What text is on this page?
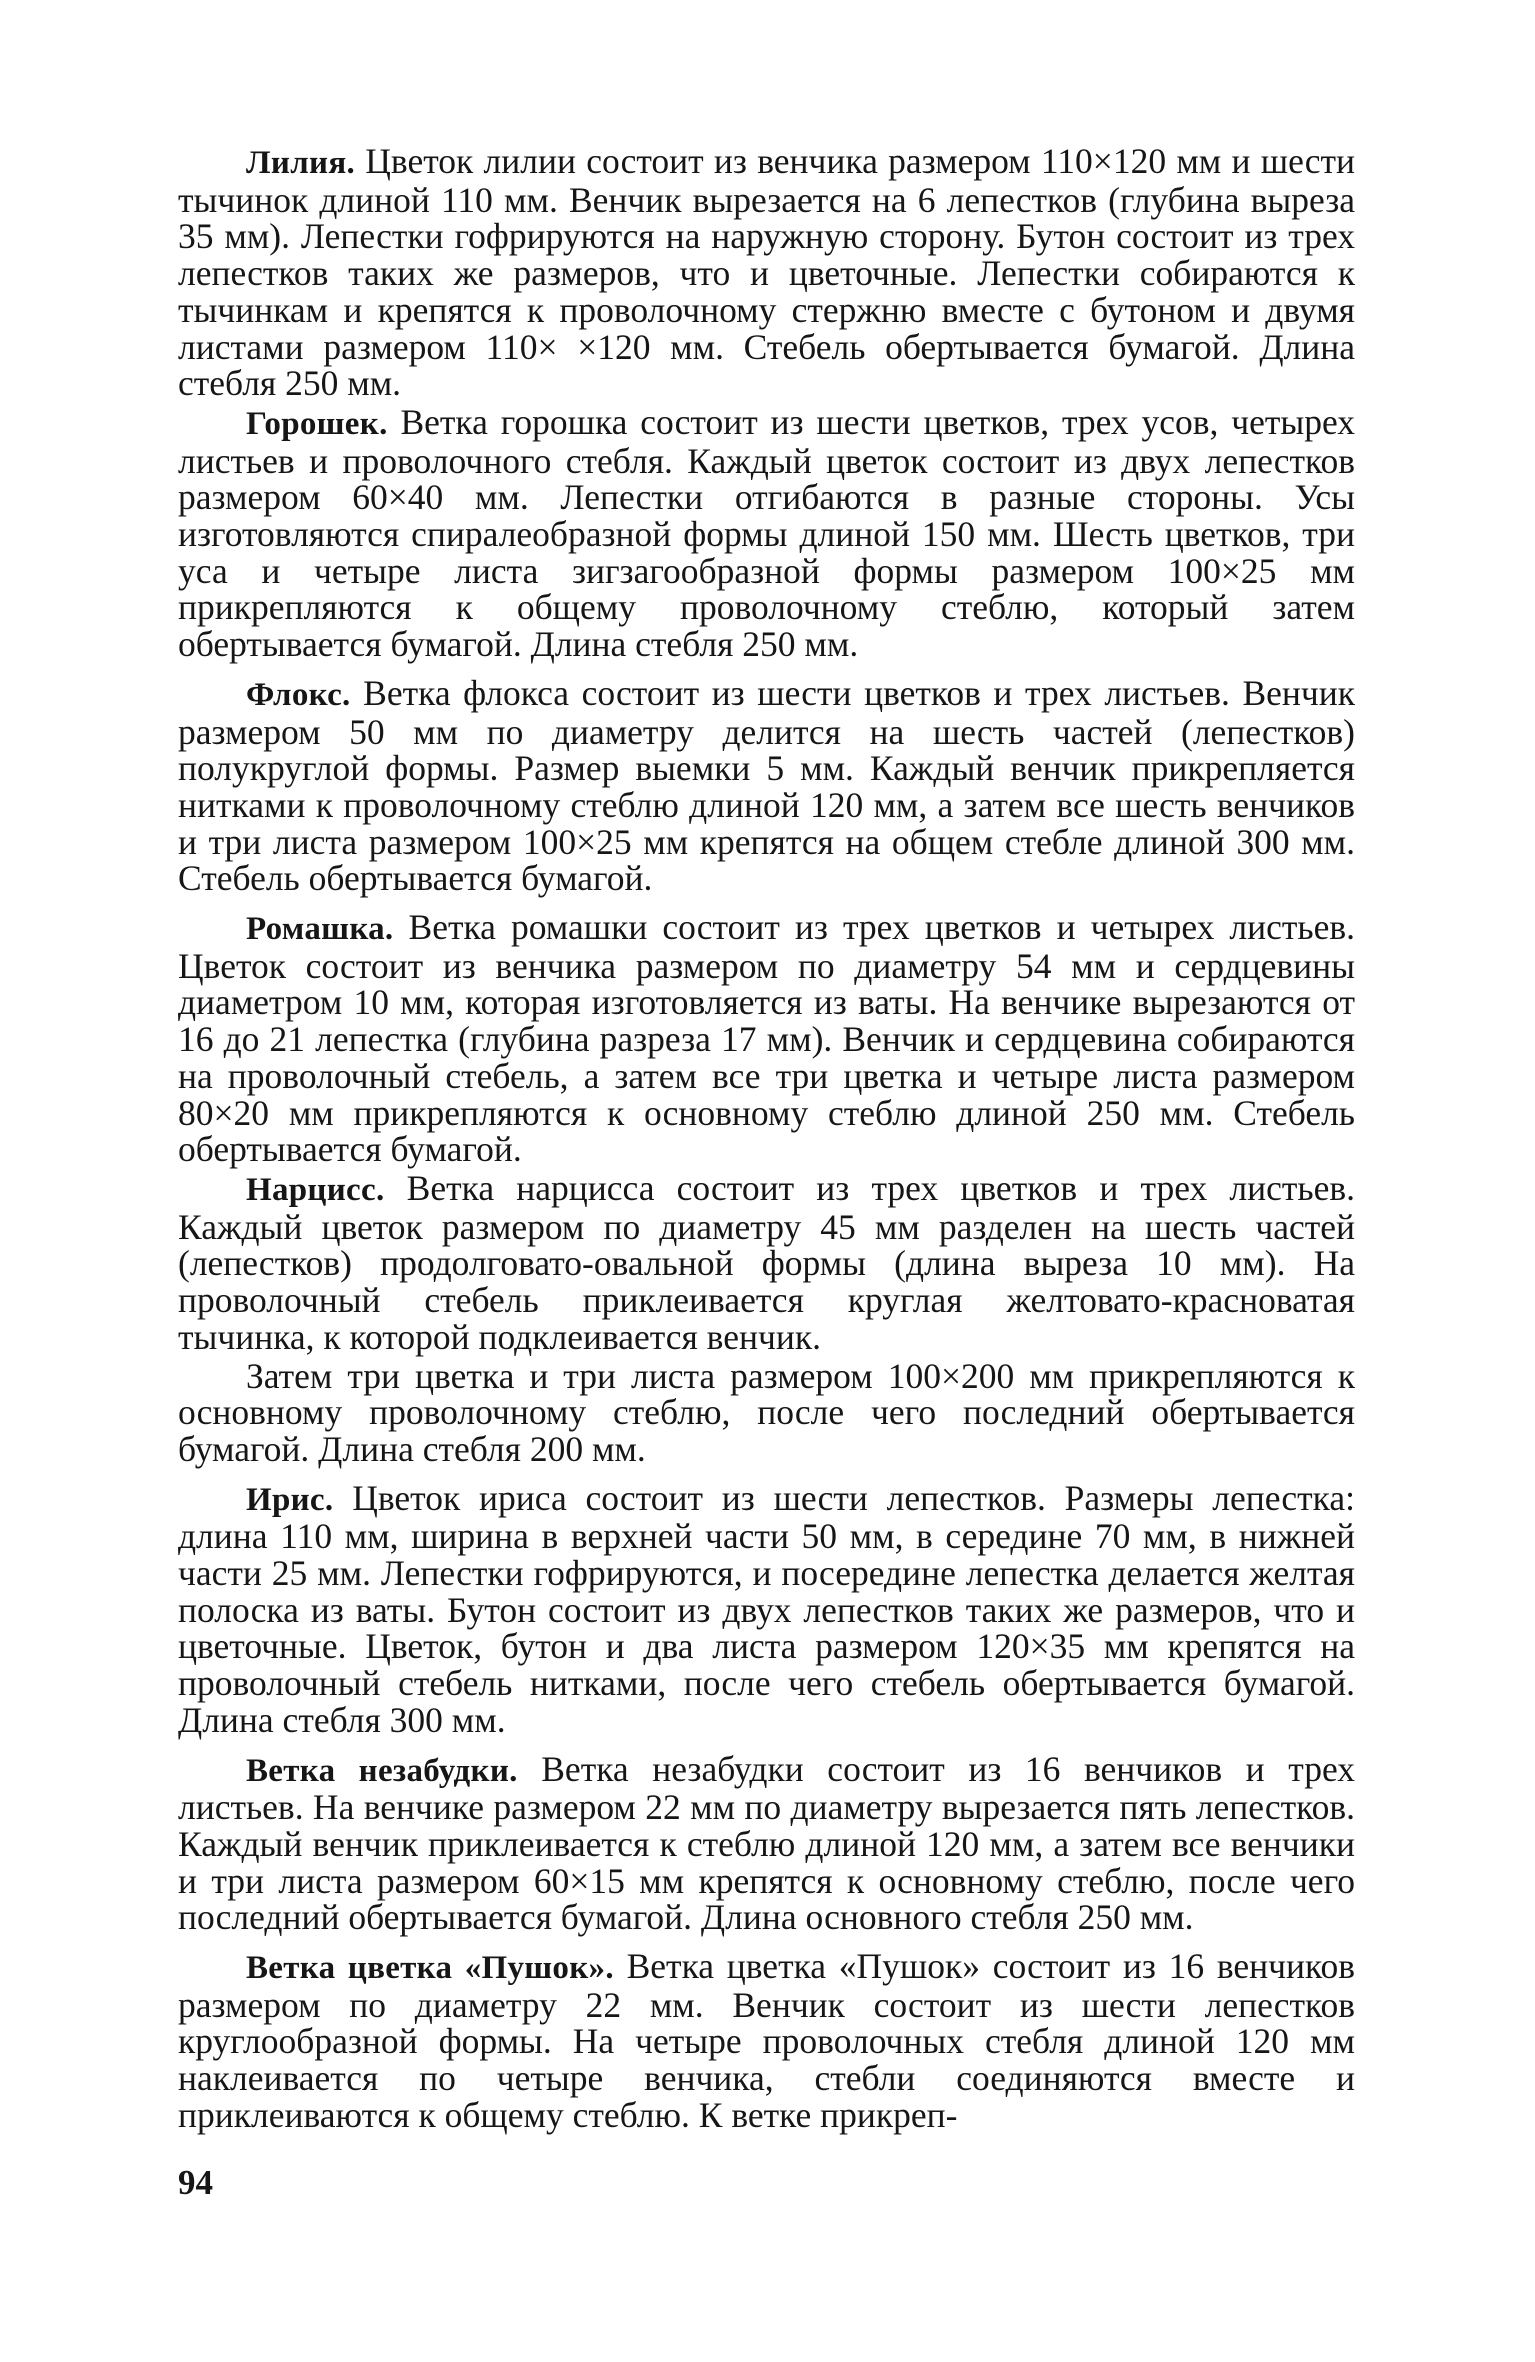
Лилия. Цветок лилии состоит из венчика размером 110×120 мм и шести тычинок длиной 110 мм. Венчик вырезается на 6 лепестков (глубина выреза 35 мм). Лепестки гофрируются на наружную сторону. Бутон состоит из трех лепестков таких же размеров, что и цветочные. Лепестки собираются к тычинкам и крепятся к проволочному стержню вместе с бутоном и двумя листами размером 110× ×120 мм. Стебель обертывается бумагой. Длина стебля 250 мм.

Горошек. Ветка горошка состоит из шести цветков, трех усов, четырех листьев и проволочного стебля. Каждый цветок состоит из двух лепестков размером 60×40 мм. Лепестки отгибаются в разные стороны. Усы изготовляются спиралеобразной формы длиной 150 мм. Шесть цветков, три уса и четыре листа зигзагообразной формы размером 100×25 мм прикрепляются к общему проволочному стеблю, который затем обертывается бумагой. Длина стебля 250 мм.

Флокс. Ветка флокса состоит из шести цветков и трех листьев. Венчик размером 50 мм по диаметру делится на шесть частей (лепестков) полукруглой формы. Размер выемки 5 мм. Каждый венчик прикрепляется нитками к проволочному стеблю длиной 120 мм, а затем все шесть венчиков и три листа размером 100×25 мм крепятся на общем стебле длиной 300 мм. Стебель обертывается бумагой.

Ромашка. Ветка ромашки состоит из трех цветков и четырех листьев. Цветок состоит из венчика размером по диаметру 54 мм и сердцевины диаметром 10 мм, которая изготовляется из ваты. На венчике вырезаются от 16 до 21 лепестка (глубина разреза 17 мм). Венчик и сердцевина собираются на проволочный стебель, а затем все три цветка и четыре листа размером 80×20 мм прикрепляются к основному стеблю длиной 250 мм. Стебель обертывается бумагой.

Нарцисс. Ветка нарцисса состоит из трех цветков и трех листьев. Каждый цветок размером по диаметру 45 мм разделен на шесть частей (лепестков) продолговато-овальной формы (длина выреза 10 мм). На проволочный стебель приклеивается круглая желтовато-красноватая тычинка, к которой подклеивается венчик.

Затем три цветка и три листа размером 100×200 мм прикрепляются к основному проволочному стеблю, после чего последний обертывается бумагой. Длина стебля 200 мм.

Ирис. Цветок ириса состоит из шести лепестков. Размеры лепестка: длина 110 мм, ширина в верхней части 50 мм, в середине 70 мм, в нижней части 25 мм. Лепестки гофрируются, и посередине лепестка делается желтая полоска из ваты. Бутон состоит из двух лепестков таких же размеров, что и цветочные. Цветок, бутон и два листа размером 120×35 мм крепятся на проволочный стебель нитками, после чего стебель обертывается бумагой. Длина стебля 300 мм.

Ветка незабудки. Ветка незабудки состоит из 16 венчиков и трех листьев. На венчике размером 22 мм по диаметру вырезается пять лепестков. Каждый венчик приклеивается к стеблю длиной 120 мм, а затем все венчики и три листа размером 60×15 мм крепятся к основному стеблю, после чего последний обертывается бумагой. Длина основного стебля 250 мм.

Ветка цветка «Пушок». Ветка цветка «Пушок» состоит из 16 венчиков размером по диаметру 22 мм. Венчик состоит из шести лепестков круглообразной формы. На четыре проволочных стебля длиной 120 мм наклеивается по четыре венчика, стебли соединяются вместе и приклеиваются к общему стеблю. К ветке прикреп-

94
